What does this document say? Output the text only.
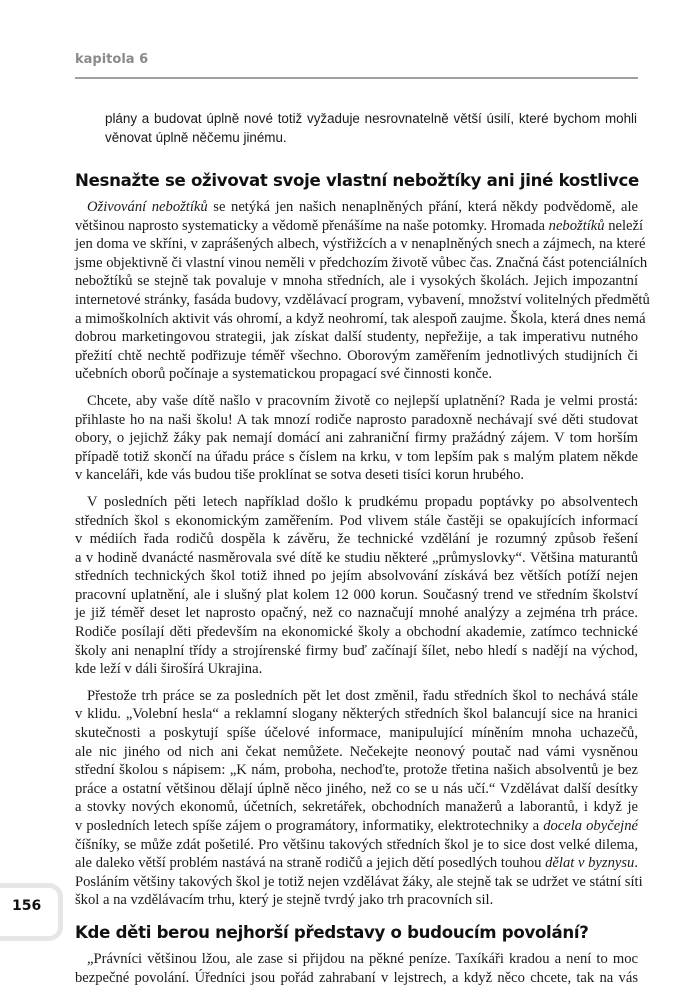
kapitola 6
plány a budovat úplně nové totiž vyžaduje nesrovnatelně větší úsilí, které bychom mohli
věnovat úplně něčemu jinému.
Nesnažte se oživovat svoje vlastní nebožtíky ani jiné kostlivce
Oživování nebožtíků se netýká jen našich nenaplněných přání, která někdy podvědomě, ale
většinou naprosto systematicky a vědomě přenášíme na naše potomky. Hromada nebožtíků neleží
jen doma ve skříni, v zaprášených albech, výstřižcích a v nenaplněných snech a zájmech, na které
jsme objektivně či vlastní vinou neměli v předchozím životě vůbec čas. Značná část potenciálních
nebožtíků se stejně tak povaluje v mnoha středních, ale i vysokých školách. Jejich impozantní
internetové stránky, fasáda budovy, vzdělávací program, vybavení, množství volitelných předmětů
a mimoškolních aktivit vás ohromí, a když neohromí, tak alespoň zaujme. Škola, která dnes nemá
dobrou marketingovou strategii, jak získat další studenty, nepřežije, a tak imperativu nutného
přežití chtě nechtě podřizuje téměř všechno. Oborovým zaměřením jednotlivých studijních či
učebních oborů počínaje a systematickou propagací své činnosti konče.
Chcete, aby vaše dítě našlo v pracovním životě co nejlepší uplatnění? Rada je velmi prostá:
přihlaste ho na naši školu! A tak mnozí rodiče naprosto paradoxně nechávají své děti studovat
obory, o jejichž žáky pak nemají domácí ani zahraniční firmy pražádný zájem. V tom horším
případě totiž skončí na úřadu práce s číslem na krku, v tom lepším pak s malým platem někde
v kanceláři, kde vás budou tiše proklínat se sotva deseti tisíci korun hrubého.
V posledních pěti letech například došlo k prudkému propadu poptávky po absolventech
středních škol s ekonomickým zaměřením. Pod vlivem stále častěji se opakujících informací
v médiích řada rodičů dospěla k závěru, že technické vzdělání je rozumný způsob řešení
a v hodině dvanácté nasměrovala své dítě ke studiu některé „průmyslovky“. Většina maturantů
středních technických škol totiž ihned po jejím absolvování získává bez větších potíží nejen
pracovní uplatnění, ale i slušný plat kolem 12 000 korun. Současný trend ve středním školství
je již téměř deset let naprosto opačný, než co naznačují mnohé analýzy a zejména trh práce.
Rodiče posílají děti především na ekonomické školy a obchodní akademie, zatímco technické
školy ani nenaplní třídy a strojírenské firmy buď začínají šílet, nebo hledí s nadějí na východ,
kde leží v dáli širošírá Ukrajina.
Přestože trh práce se za posledních pět let dost změnil, řadu středních škol to nechává stále
v klidu. „Volební hesla“ a reklamní slogany některých středních škol balancují sice na hranici
skutečnosti a poskytují spíše účelové informace, manipulující míněním mnoha uchazečů,
ale nic jiného od nich ani čekat nemůžete. Nečekejte neonový poutač nad vámi vysněnou
střední školou s nápisem: „K nám, proboha, nechoďte, protože třetina našich absolventů je bez
práce a ostatní většinou dělají úplně něco jiného, než co se u nás učí.“ Vzdělávat další desítky
a stovky nových ekonomů, účetních, sekretářek, obchodních manažerů a laborantů, i když je
v posledních letech spíše zájem o programátory, informatiky, elektrotechniky a docela obyčejné
číšníky, se může zdát pošetilé. Pro většinu takových středních škol je to sice dost velké dilema,
ale daleko větší problém nastává na straně rodičů a jejich dětí posedlých touhou dělat v byznysu.
Posláním většiny takových škol je totiž nejen vzdělávat žáky, ale stejně tak se udržet ve státní síti
škol a na vzdělávacím trhu, který je stejně tvrdý jako trh pracovních sil.
Kde děti berou nejhorší představy o budoucím povolání?
„Právníci většinou lžou, ale zase si přijdou na pěkné peníze. Taxíkáři kradou a není to moc
bezpečné povolání. Úředníci jsou pořád zahrabaní v lejstrech, a když něco chcete, tak na vás
156
